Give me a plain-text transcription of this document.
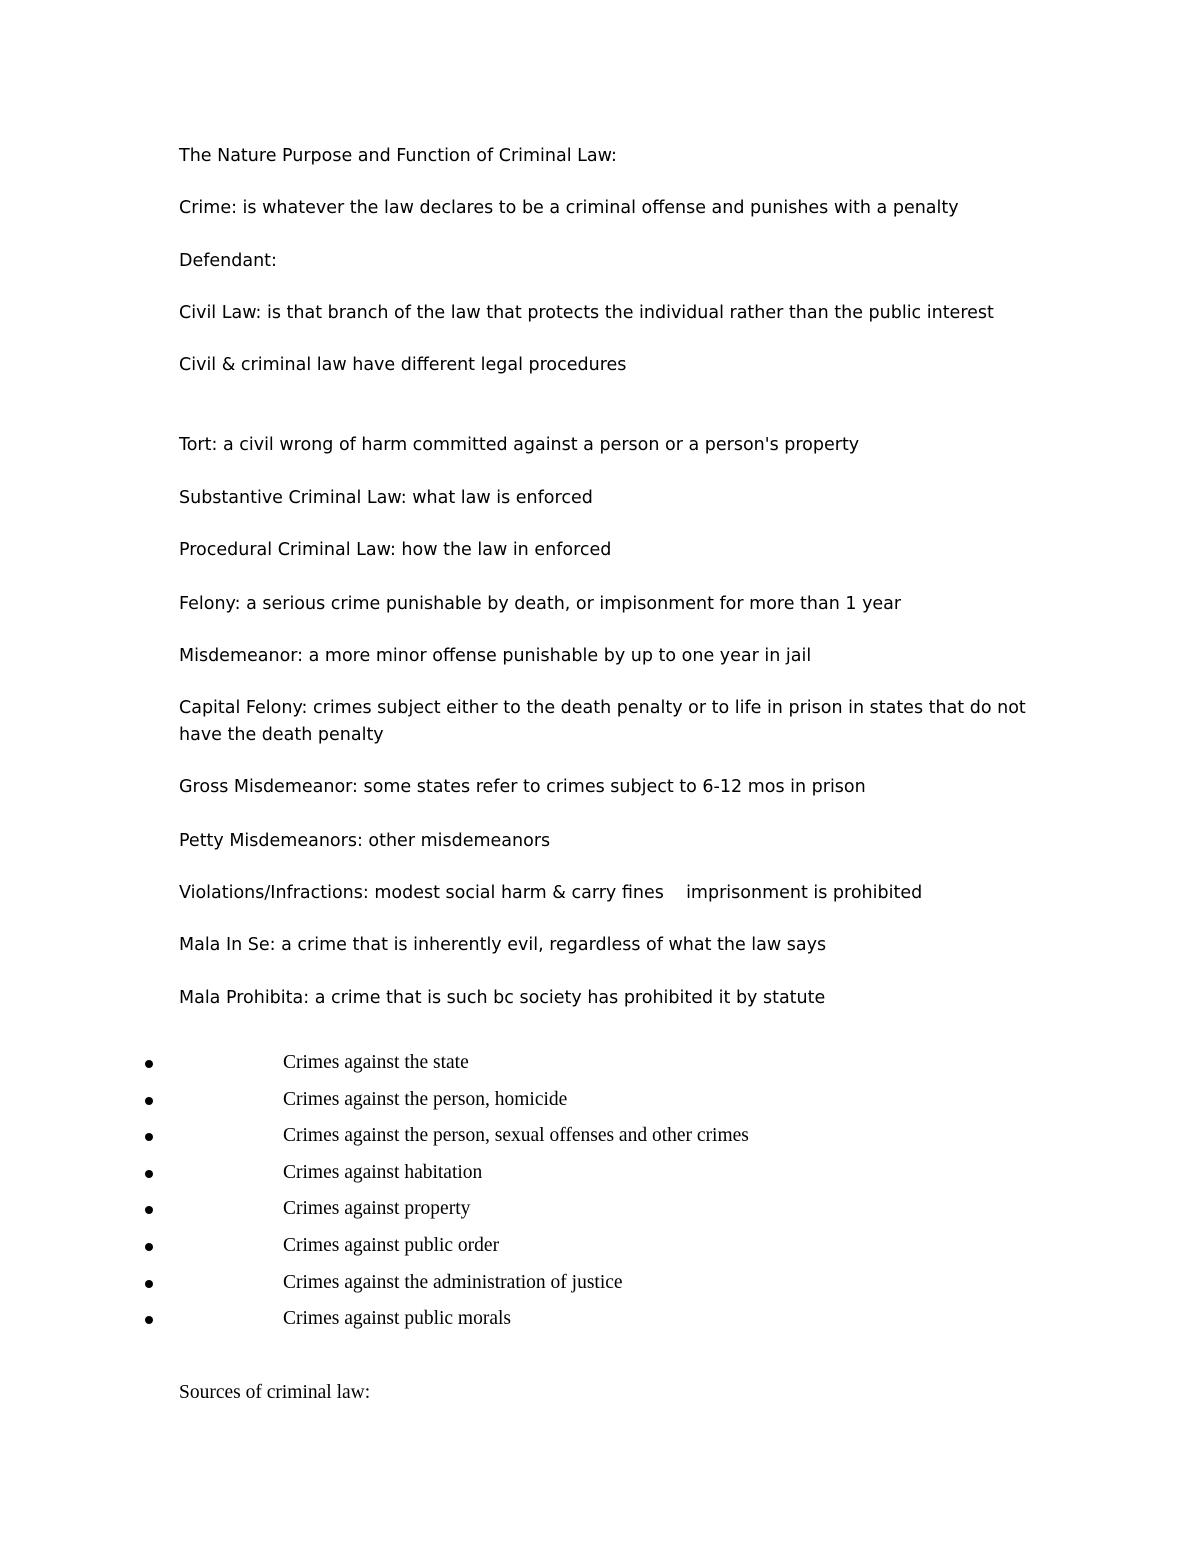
The Nature Purpose and Function of Criminal Law:

Crime: is whatever the law declares to be a criminal offense and punishes with a penalty

Defendant:

Civil Law: is that branch of the law that protects the individual rather than the public interest

Civil & criminal law have different legal procedures

Tort: a civil wrong of harm committed against a person or a person's property

Substantive Criminal Law: what law is enforced

Procedural Criminal Law: how the law in enforced

Felony: a serious crime punishable by death, or impisonment for more than 1 year

Misdemeanor: a more minor offense punishable by up to one year in jail

Capital Felony: crimes subject either to the death penalty or to life in prison in states that do not have the death penalty

Gross Misdemeanor: some states refer to crimes subject to 6-12 mos in prison

Petty Misdemeanors: other misdemeanors

Violations/Infractions: modest social harm & carry fines    imprisonment is prohibited

Mala In Se: a crime that is inherently evil, regardless of what the law says

Mala Prohibita: a crime that is such bc society has prohibited it by statute

Crimes against the state
Crimes against the person, homicide
Crimes against the person, sexual offenses and other crimes
Crimes against habitation
Crimes against property
Crimes against public order
Crimes against the administration of justice
Crimes against public morals

Sources of criminal law:
